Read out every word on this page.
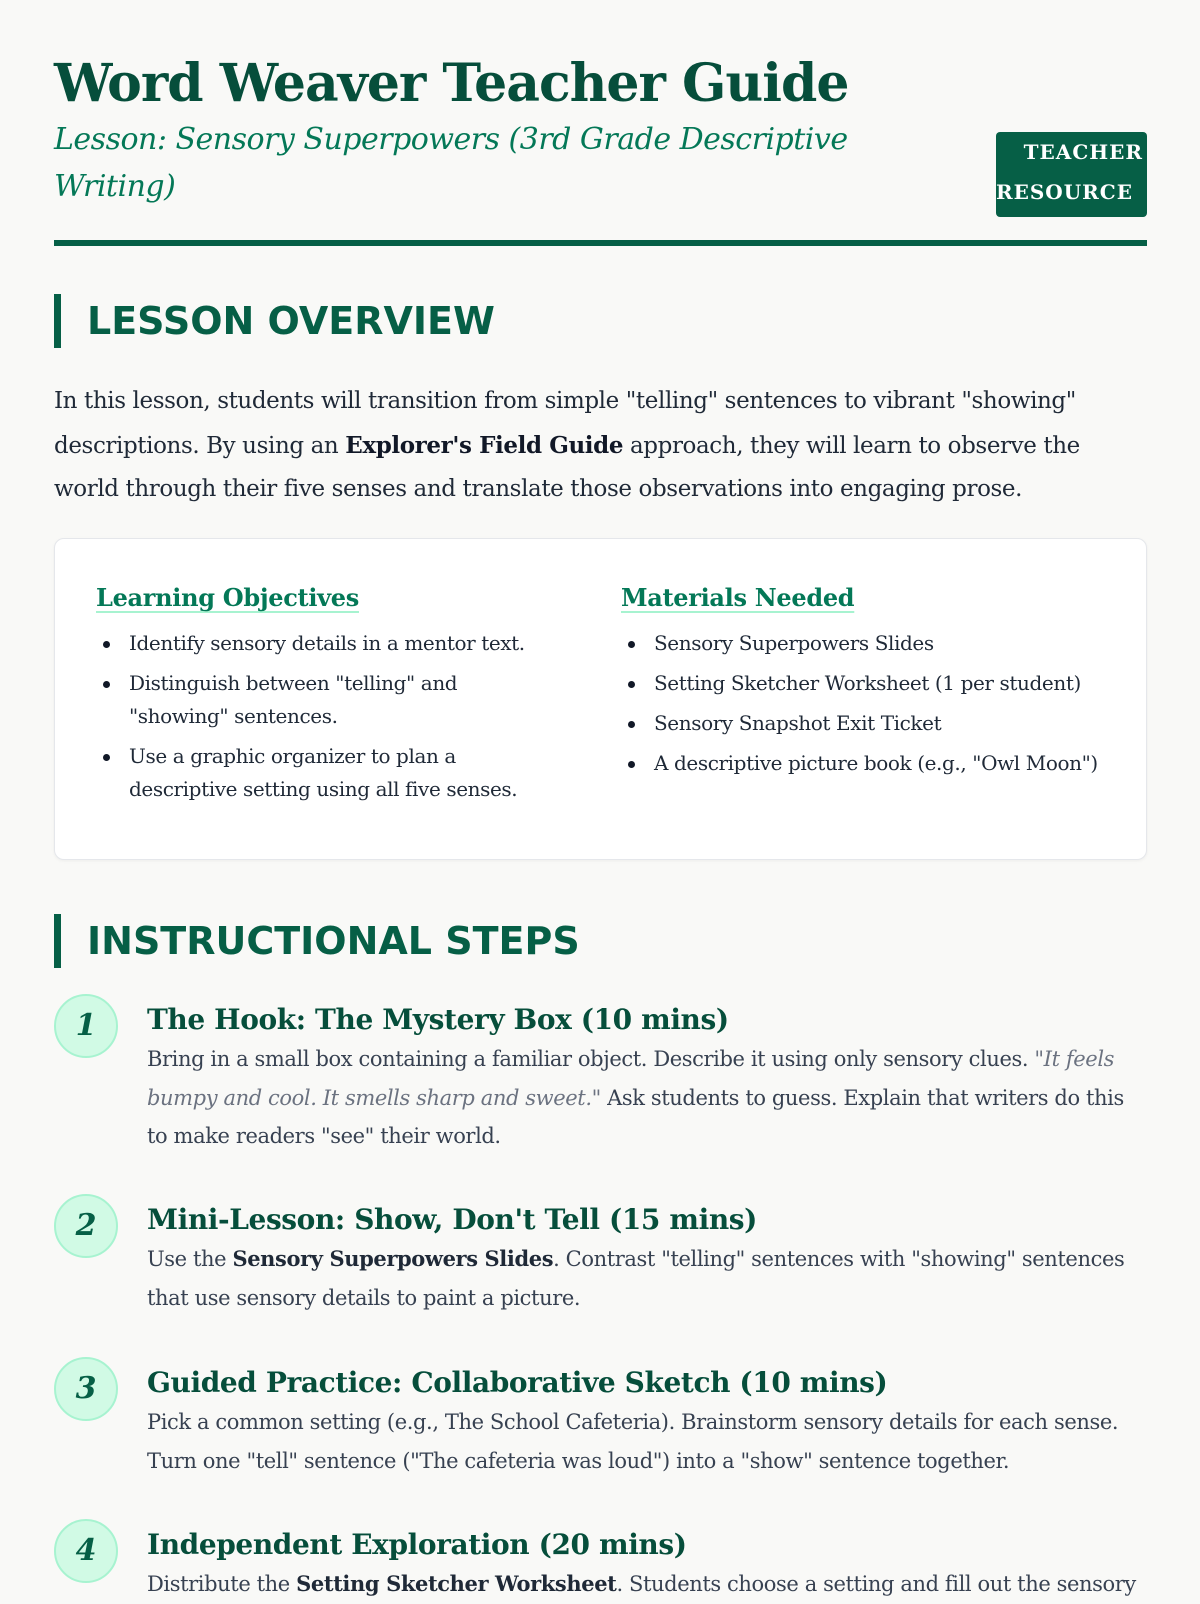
Word Weaver Teacher Guide
Lesson: Sensory Superpowers (3rd Grade Descriptive Writing)
TEACHER
RESOURCE
LESSON OVERVIEW
In this lesson, students will transition from simple "telling" sentences to vibrant "showing" descriptions. By using an Explorer's Field Guide approach, they will learn to observe the world through their five senses and translate those observations into engaging prose.
Learning Objectives
Identify sensory details in a mentor text.
Distinguish between "telling" and "showing" sentences.
Use a graphic organizer to plan a descriptive setting using all five senses.
Materials Needed
Sensory Superpowers Slides
Setting Sketcher Worksheet (1 per student)
Sensory Snapshot Exit Ticket
A descriptive picture book (e.g., "Owl Moon")
INSTRUCTIONAL STEPS
1	The Hook: The Mystery Box (10 mins)
Bring in a small box containing a familiar object. Describe it using only sensory clues. "It feels bumpy and cool. It smells sharp and sweet." Ask students to guess. Explain that writers do this to make readers "see" their world.
2	Mini-Lesson: Show, Don't Tell (15 mins)
Use the Sensory Superpowers Slides. Contrast "telling" sentences with "showing" sentences that use sensory details to paint a picture.
3	Guided Practice: Collaborative Sketch (10 mins)
Pick a common setting (e.g., The School Cafeteria). Brainstorm sensory details for each sense. Turn one "tell" sentence ("The cafeteria was loud") into a "show" sentence together.
4	Independent Exploration (20 mins)
Distribute the Setting Sketcher Worksheet. Students choose a setting and fill out the sensory
